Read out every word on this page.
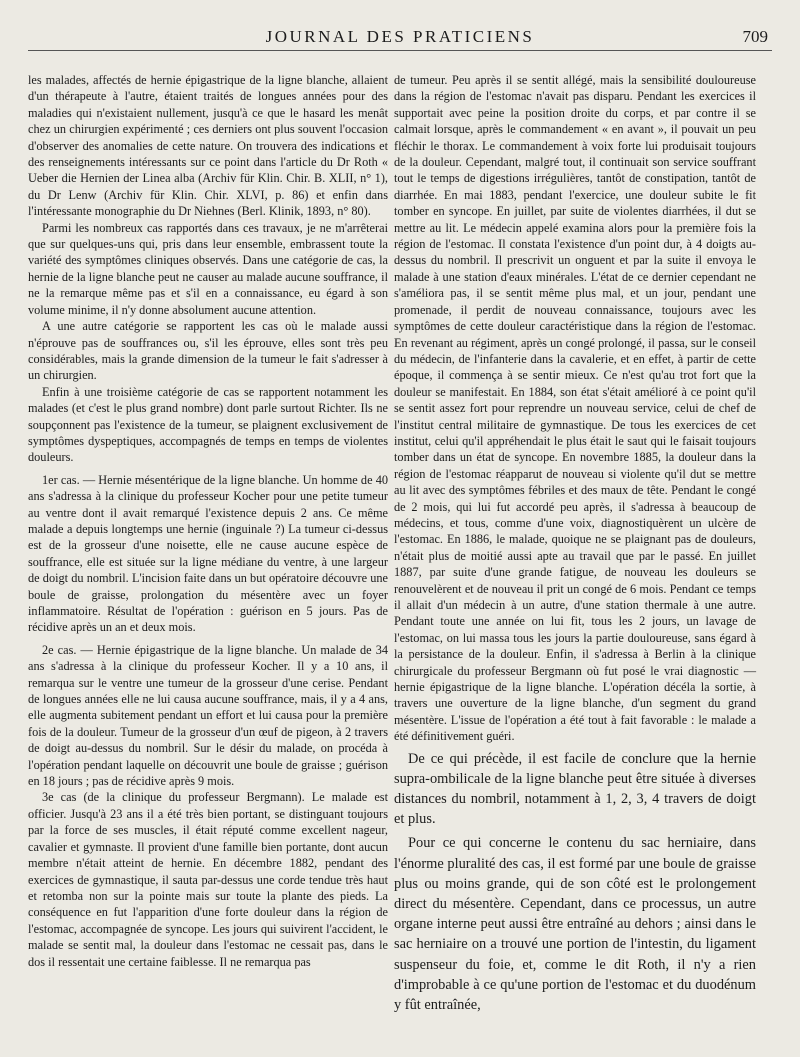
JOURNAL DES PRATICIENS	709

les malades, affectés de hernie épigastrique de la ligne blanche, allaient d'un thérapeute à l'autre, étaient traités de longues années pour des maladies qui n'existaient nullement, jusqu'à ce que le hasard les menât chez un chirurgien expérimenté ; ces derniers ont plus souvent l'occasion d'observer des anomalies de cette nature. On trouvera des indications et des renseignements intéressants sur ce point dans l'article du Dr Roth « Ueber die Hernien der Linea alba (Archiv für Klin. Chir. B. XLII, n° 1), du Dr Lenw (Archiv für Klin. Chir. XLVI, p. 86) et enfin dans l'intéressante monographie du Dr Niehnes (Berl. Klinik, 1893, n° 80).

Parmi les nombreux cas rapportés dans ces travaux, je ne m'arrêterai que sur quelques-uns qui, pris dans leur ensemble, embrassent toute la variété des symptômes cliniques observés. Dans une catégorie de cas, la hernie de la ligne blanche peut ne causer au malade aucune souffrance, il ne la remarque même pas et s'il en a connaissance, eu égard à son volume minime, il n'y donne absolument aucune attention.

A une autre catégorie se rapportent les cas où le malade aussi n'éprouve pas de souffrances ou, s'il les éprouve, elles sont très peu considérables, mais la grande dimension de la tumeur le fait s'adresser à un chirurgien.

Enfin à une troisième catégorie de cas se rapportent notamment les malades (et c'est le plus grand nombre) dont parle surtout Richter. Ils ne soupçonnent pas l'existence de la tumeur, se plaignent exclusivement de symptômes dyspeptiques, accompagnés de temps en temps de violentes douleurs.

1er cas. — Hernie mésentérique de la ligne blanche. Un homme de 40 ans s'adressa à la clinique du professeur Kocher pour une petite tumeur au ventre dont il avait remarqué l'existence depuis 2 ans. Ce même malade a depuis longtemps une hernie (inguinale ?) La tumeur ci-dessus est de la grosseur d'une noisette, elle ne cause aucune espèce de souffrance, elle est située sur la ligne médiane du ventre, à une largeur de doigt du nombril. L'incision faite dans un but opératoire découvre une boule de graisse, prolongation du mésentère avec un foyer inflammatoire. Résultat de l'opération : guérison en 5 jours. Pas de récidive après un an et deux mois.

2e cas. — Hernie épigastrique de la ligne blanche. Un malade de 34 ans s'adressa à la clinique du professeur Kocher. Il y a 10 ans, il remarqua sur le ventre une tumeur de la grosseur d'une cerise. Pendant de longues années elle ne lui causa aucune souffrance, mais, il y a 4 ans, elle augmenta subitement pendant un effort et lui causa pour la première fois de la douleur. Tumeur de la grosseur d'un œuf de pigeon, à 2 travers de doigt au-dessus du nombril. Sur le désir du malade, on procéda à l'opération pendant laquelle on découvrit une boule de graisse ; guérison en 18 jours ; pas de récidive après 9 mois.

3e cas (de la clinique du professeur Bergmann). Le malade est officier. Jusqu'à 23 ans il a été très bien portant, se distinguant toujours par la force de ses muscles, il était réputé comme excellent nageur, cavalier et gymnaste. Il provient d'une famille bien portante, dont aucun membre n'était atteint de hernie. En décembre 1882, pendant des exercices de gymnastique, il sauta par-dessus une corde tendue très haut et retomba non sur la pointe mais sur toute la plante des pieds. La conséquence en fut l'apparition d'une forte douleur dans la région de l'estomac, accompagnée de syncope. Les jours qui suivirent l'accident, le malade se sentit mal, la douleur dans l'estomac ne cessait pas, dans le dos il ressentait une certaine faiblesse. Il ne remarqua pas

de tumeur. Peu après il se sentit allégé, mais la sensibilité douloureuse dans la région de l'estomac n'avait pas disparu. Pendant les exercices il supportait avec peine la position droite du corps, et par contre il se calmait lorsque, après le commandement « en avant », il pouvait un peu fléchir le thorax. Le commandement à voix forte lui produisait toujours de la douleur. Cependant, malgré tout, il continuait son service souffrant tout le temps de digestions irrégulières, tantôt de constipation, tantôt de diarrhée. En mai 1883, pendant l'exercice, une douleur subite le fit tomber en syncope. En juillet, par suite de violentes diarrhées, il dut se mettre au lit. Le médecin appelé examina alors pour la première fois la région de l'estomac. Il constata l'existence d'un point dur, à 4 doigts au-dessus du nombril. Il prescrivit un onguent et par la suite il envoya le malade à une station d'eaux minérales. L'état de ce dernier cependant ne s'améliora pas, il se sentit même plus mal, et un jour, pendant une promenade, il perdit de nouveau connaissance, toujours avec les symptômes de cette douleur caractéristique dans la région de l'estomac. En revenant au régiment, après un congé prolongé, il passa, sur le conseil du médecin, de l'infanterie dans la cavalerie, et en effet, à partir de cette époque, il commença à se sentir mieux. Ce n'est qu'au trot fort que la douleur se manifestait. En 1884, son état s'était amélioré à ce point qu'il se sentit assez fort pour reprendre un nouveau service, celui de chef de l'institut central militaire de gymnastique. De tous les exercices de cet institut, celui qu'il appréhendait le plus était le saut qui le faisait toujours tomber dans un état de syncope. En novembre 1885, la douleur dans la région de l'estomac réapparut de nouveau si violente qu'il dut se mettre au lit avec des symptômes fébriles et des maux de tête. Pendant le congé de 2 mois, qui lui fut accordé peu après, il s'adressa à beaucoup de médecins, et tous, comme d'une voix, diagnostiquèrent un ulcère de l'estomac. En 1886, le malade, quoique ne se plaignant pas de douleurs, n'était plus de moitié aussi apte au travail que par le passé. En juillet 1887, par suite d'une grande fatigue, de nouveau les douleurs se renouvelèrent et de nouveau il prit un congé de 6 mois. Pendant ce temps il allait d'un médecin à un autre, d'une station thermale à une autre. Pendant toute une année on lui fit, tous les 2 jours, un lavage de l'estomac, on lui massa tous les jours la partie douloureuse, sans égard à la persistance de la douleur. Enfin, il s'adressa à Berlin à la clinique chirurgicale du professeur Bergmann où fut posé le vrai diagnostic — hernie épigastrique de la ligne blanche. L'opération décéla la sortie, à travers une ouverture de la ligne blanche, d'un segment du grand mésentère. L'issue de l'opération a été tout à fait favorable : le malade a été définitivement guéri.

De ce qui précède, il est facile de conclure que la hernie supra-ombilicale de la ligne blanche peut être située à diverses distances du nombril, notamment à 1, 2, 3, 4 travers de doigt et plus.

Pour ce qui concerne le contenu du sac herniaire, dans l'énorme pluralité des cas, il est formé par une boule de graisse plus ou moins grande, qui de son côté est le prolongement direct du mésentère. Cependant, dans ce processus, un autre organe interne peut aussi être entraîné au dehors ; ainsi dans le sac herniaire on a trouvé une portion de l'intestin, du ligament suspenseur du foie, et, comme le dit Roth, il n'y a rien d'improbable à ce qu'une portion de l'estomac et du duodénum y fût entraînée,
